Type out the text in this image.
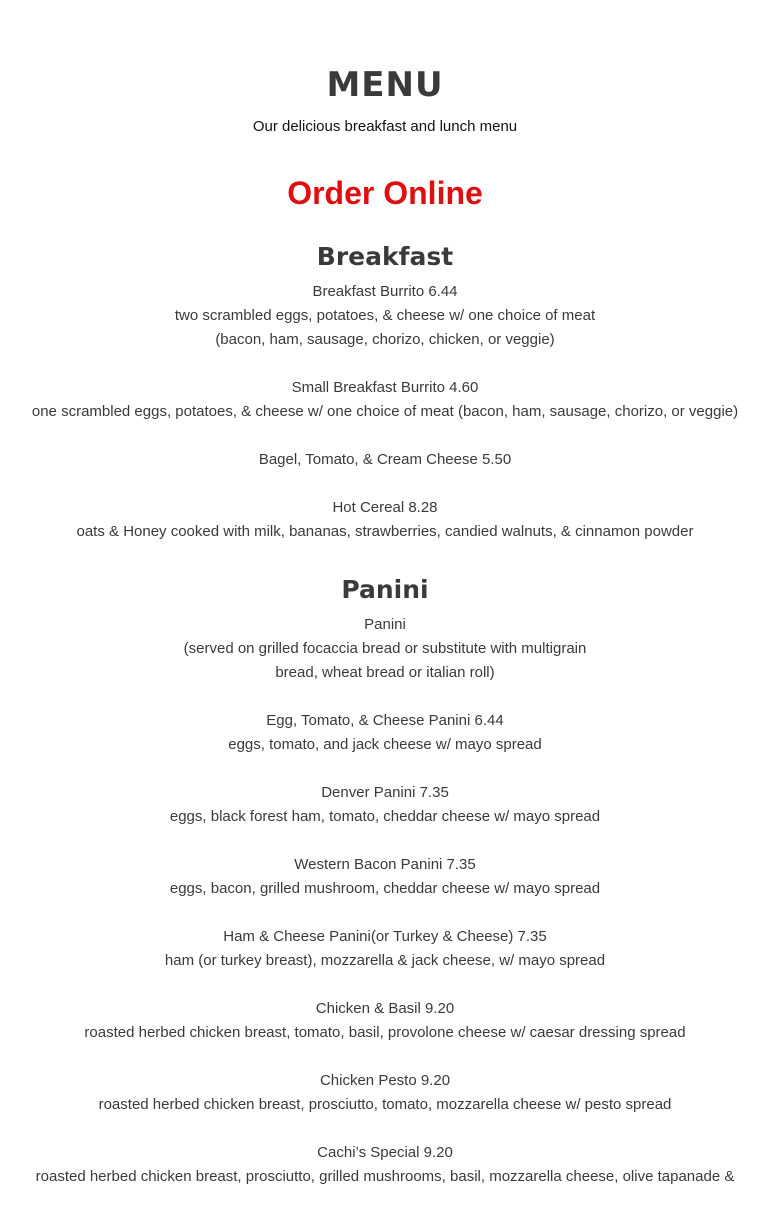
MENU

Our delicious breakfast and lunch menu

Order Online
Breakfast
Breakfast Burrito 6.44
two scrambled eggs, potatoes, & cheese w/ one choice of meat
(bacon, ham, sausage, chorizo, chicken, or veggie)
Small Breakfast Burrito 4.60
one scrambled eggs, potatoes, & cheese w/ one choice of meat (bacon, ham, sausage, chorizo, or veggie)
Bagel, Tomato, & Cream Cheese 5.50
Hot Cereal 8.28
oats & Honey cooked with milk, bananas, strawberries, candied walnuts, & cinnamon powder
Panini
Panini
(served on grilled focaccia bread or substitute with multigrain
bread, wheat bread or italian roll)
Egg, Tomato, & Cheese Panini 6.44
eggs, tomato, and jack cheese w/ mayo spread
Denver Panini 7.35
eggs, black forest ham, tomato, cheddar cheese w/ mayo spread
Western Bacon Panini 7.35
eggs, bacon, grilled mushroom, cheddar cheese w/ mayo spread
Ham & Cheese Panini(or Turkey & Cheese) 7.35
ham (or turkey breast), mozzarella & jack cheese, w/ mayo spread
Chicken & Basil 9.20
roasted herbed chicken breast, tomato, basil, provolone cheese w/ caesar dressing spread
Chicken Pesto 9.20
roasted herbed chicken breast, prosciutto, tomato, mozzarella cheese w/ pesto spread
Cachi’s Special 9.20
roasted herbed chicken breast, prosciutto, grilled mushrooms, basil, mozzarella cheese, olive tapanade &
